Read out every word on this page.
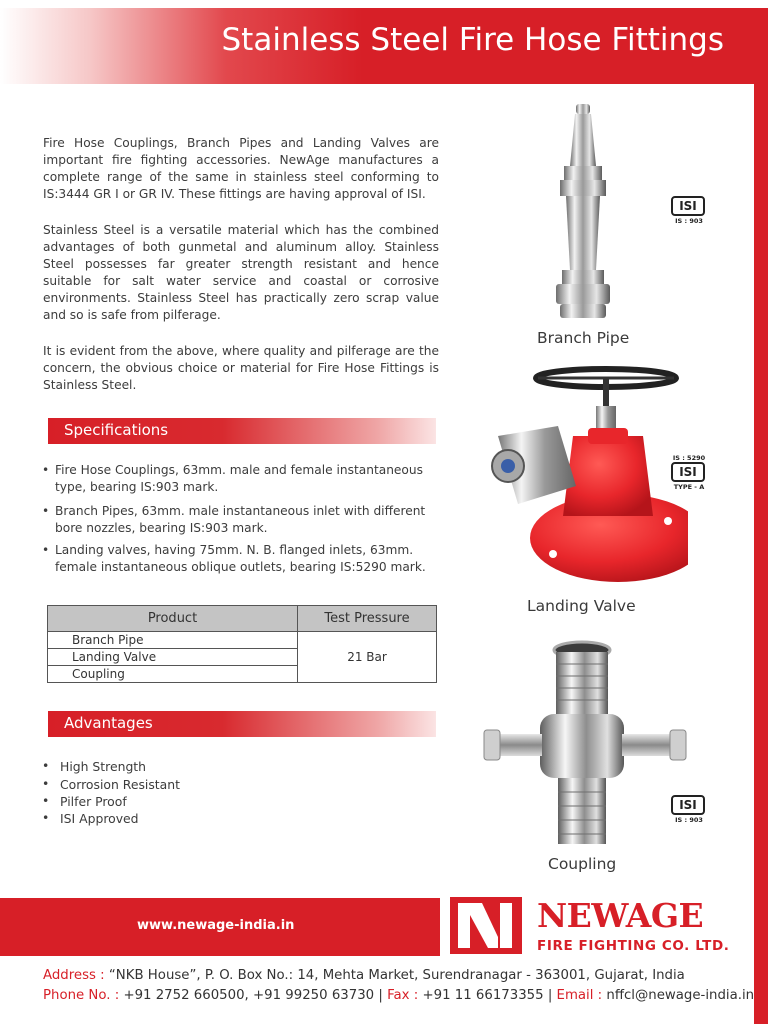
Stainless Steel Fire Hose Fittings
Fire Hose Couplings, Branch Pipes and Landing Valves are important fire fighting accessories. NewAge manufactures a complete range of the same in stainless steel conforming to IS:3444 GR I or GR IV. These fittings are having approval of ISI.
Stainless Steel is a versatile material which has the combined advantages of both gunmetal and aluminum alloy. Stainless Steel possesses far greater strength resistant and hence suitable for salt water service and coastal or corrosive environments. Stainless Steel has practically zero scrap value and so is safe from pilferage.
It is evident from the above, where quality and pilferage are the concern, the obvious choice or material for Fire Hose Fittings is Stainless Steel.
Specifications
• Fire Hose Couplings, 63mm. male and female instantaneous type, bearing IS:903 mark.
• Branch Pipes, 63mm. male instantaneous inlet with different bore nozzles, bearing IS:903 mark.
• Landing valves, having 75mm. N. B. flanged inlets, 63mm. female instantaneous oblique outlets, bearing IS:5290 mark.
Product	Test Pressure
Branch Pipe	21 Bar
Landing Valve	
Coupling	
Advantages
• High Strength
• Corrosion Resistant
• Pilfer Proof
• ISI Approved
ISI
IS : 903
Branch Pipe
IS : 5290
ISI
TYPE - A
Landing Valve
ISI
IS : 903
Coupling
www.newage-india.in	NEWAGE
FIRE FIGHTING CO. LTD.
Address : “NKB House”, P. O. Box No.: 14, Mehta Market, Surendranagar - 363001, Gujarat, India
Phone No. : +91 2752 660500, +91 99250 63730 | Fax : +91 11 66173355 | Email : nffcl@newage-india.in
